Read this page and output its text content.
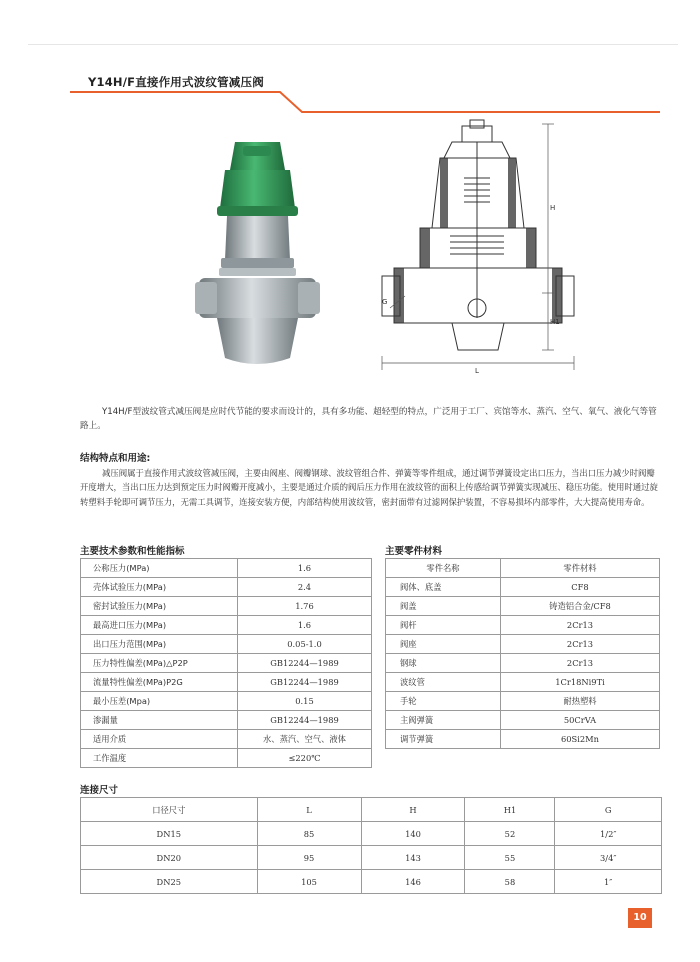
Y14H/F直接作用式波纹管减压阀
H
H1
L
G
Y14H/F型波纹管式减压阀是应时代节能的要求而设计的，具有多功能、超轻型的特点，广泛用于工厂、宾馆等水、蒸汽、空气、氧气、液化气等管路上。
结构特点和用途:
减压阀属于直接作用式波纹管减压阀，主要由阀座、阀瓣钢球、波纹管组合件、弹簧等零件组成，通过调节弹簧设定出口压力，当出口压力减少时阀瓣开度增大，当出口压力达到预定压力时阀瓣开度减小，主要是通过介质的阀后压力作用在波纹管的面积上传感给调节弹簧实现减压、稳压功能。使用时通过旋转塑料手轮即可调节压力，无需工具调节，连接安装方便，内部结构使用波纹管，密封面带有过滤网保护装置，不容易损坏内部零件，大大提高使用寿命。
主要技术参数和性能指标
公称压力(MPa)	1.6
壳体试验压力(MPa)	2.4
密封试验压力(MPa)	1.76
最高进口压力(MPa)	1.6
出口压力范围(MPa)	0.05-1.0
压力特性偏差(MPa)△P2P	GB12244—1989
流量特性偏差(MPa)P2G	GB12244—1989
最小压差(Mpa)	0.15
渗漏量	GB12244—1989
适用介质	水、蒸汽、空气、液体
工作温度	≤220℃
主要零件材料
零件名称	零件材料
阀体、底盖	CF8
阀盖	铸造铝合金/CF8
阀杆	2Cr13
阀座	2Cr13
钢球	2Cr13
波纹管	1Cr18Ni9Ti
手轮	耐热塑料
主阀弹簧	50CrVA
调节弹簧	60Si2Mn
连接尺寸
口径尺寸	L	H	H1	G
DN15	85	140	52	1/2″
DN20	95	143	55	3/4″
DN25	105	146	58	1″
10
